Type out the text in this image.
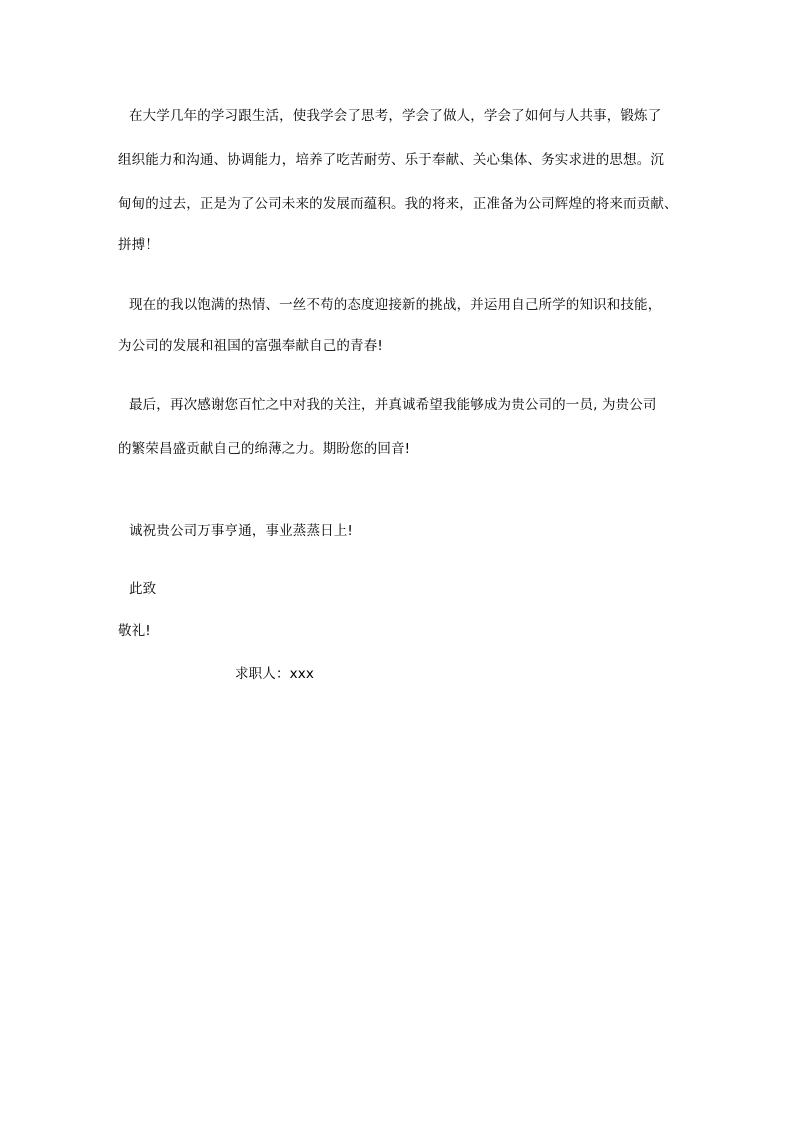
在大学几年的学习跟生活，使我学会了思考，学会了做人，学会了如何与人共事，锻炼了
组织能力和沟通、协调能力，培养了吃苦耐劳、乐于奉献、关心集体、务实求进的思想。沉
甸甸的过去，正是为了公司未来的发展而蕴积。我的将来，正准备为公司辉煌的将来而贡献、
拼搏！
现在的我以饱满的热情、一丝不苟的态度迎接新的挑战，并运用自己所学的知识和技能，
为公司的发展和祖国的富强奉献自己的青春!
最后，再次感谢您百忙之中对我的关注，并真诚希望我能够成为贵公司的一员, 为贵公司
的繁荣昌盛贡献自己的绵薄之力。期盼您的回音!
诚祝贵公司万事亨通，事业蒸蒸日上!
此致
敬礼!
求职人：xxx
